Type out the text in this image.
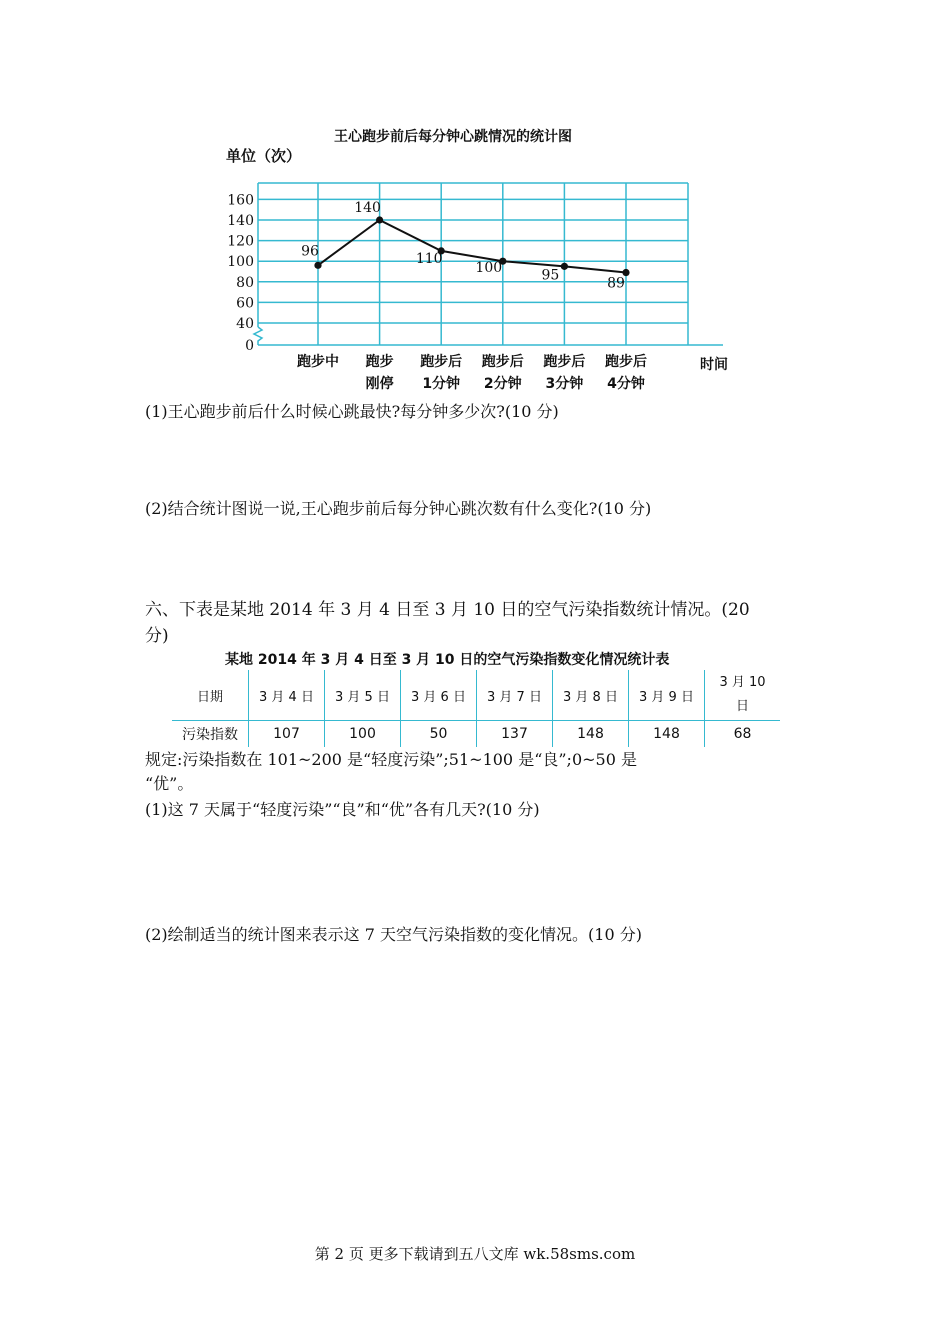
王心跑步前后每分钟心跳情况的统计图
0
40
60
80
100
120
140
160
单位（次）
时间
跑步中 跑步
刚停
跑步后
1分钟
跑步后
2分钟
跑步后
3分钟
跑步后
4分钟
96
140
110
100	95
89
(1)王心跑步前后什么时候心跳最快?每分钟多少次?(10 分)
(2)结合统计图说一说,王心跑步前后每分钟心跳次数有什么变化?(10 分)
六、下表是某地 2014 年 3 月 4 日至 3 月 10 日的空气污染指数统计情况。(20
分)
某地 2014 年 3 月 4 日至 3 月 10 日的空气污染指数变化情况统计表
日期	3 月 4 日	3 月 5 日	3 月 6 日	3 月 7 日	3 月 8 日	3 月 9 日	3 月 10
日

污染指数	107	100	50	137	148	148	68
规定:污染指数在 101~200 是“轻度污染”;51~100 是“良”;0~50 是
“优”。
(1)这 7 天属于“轻度污染”“良”和“优”各有几天?(10 分)
(2)绘制适当的统计图来表示这 7 天空气污染指数的变化情况。(10 分)
第 2 页 更多下载请到五八文库 wk.58sms.com
